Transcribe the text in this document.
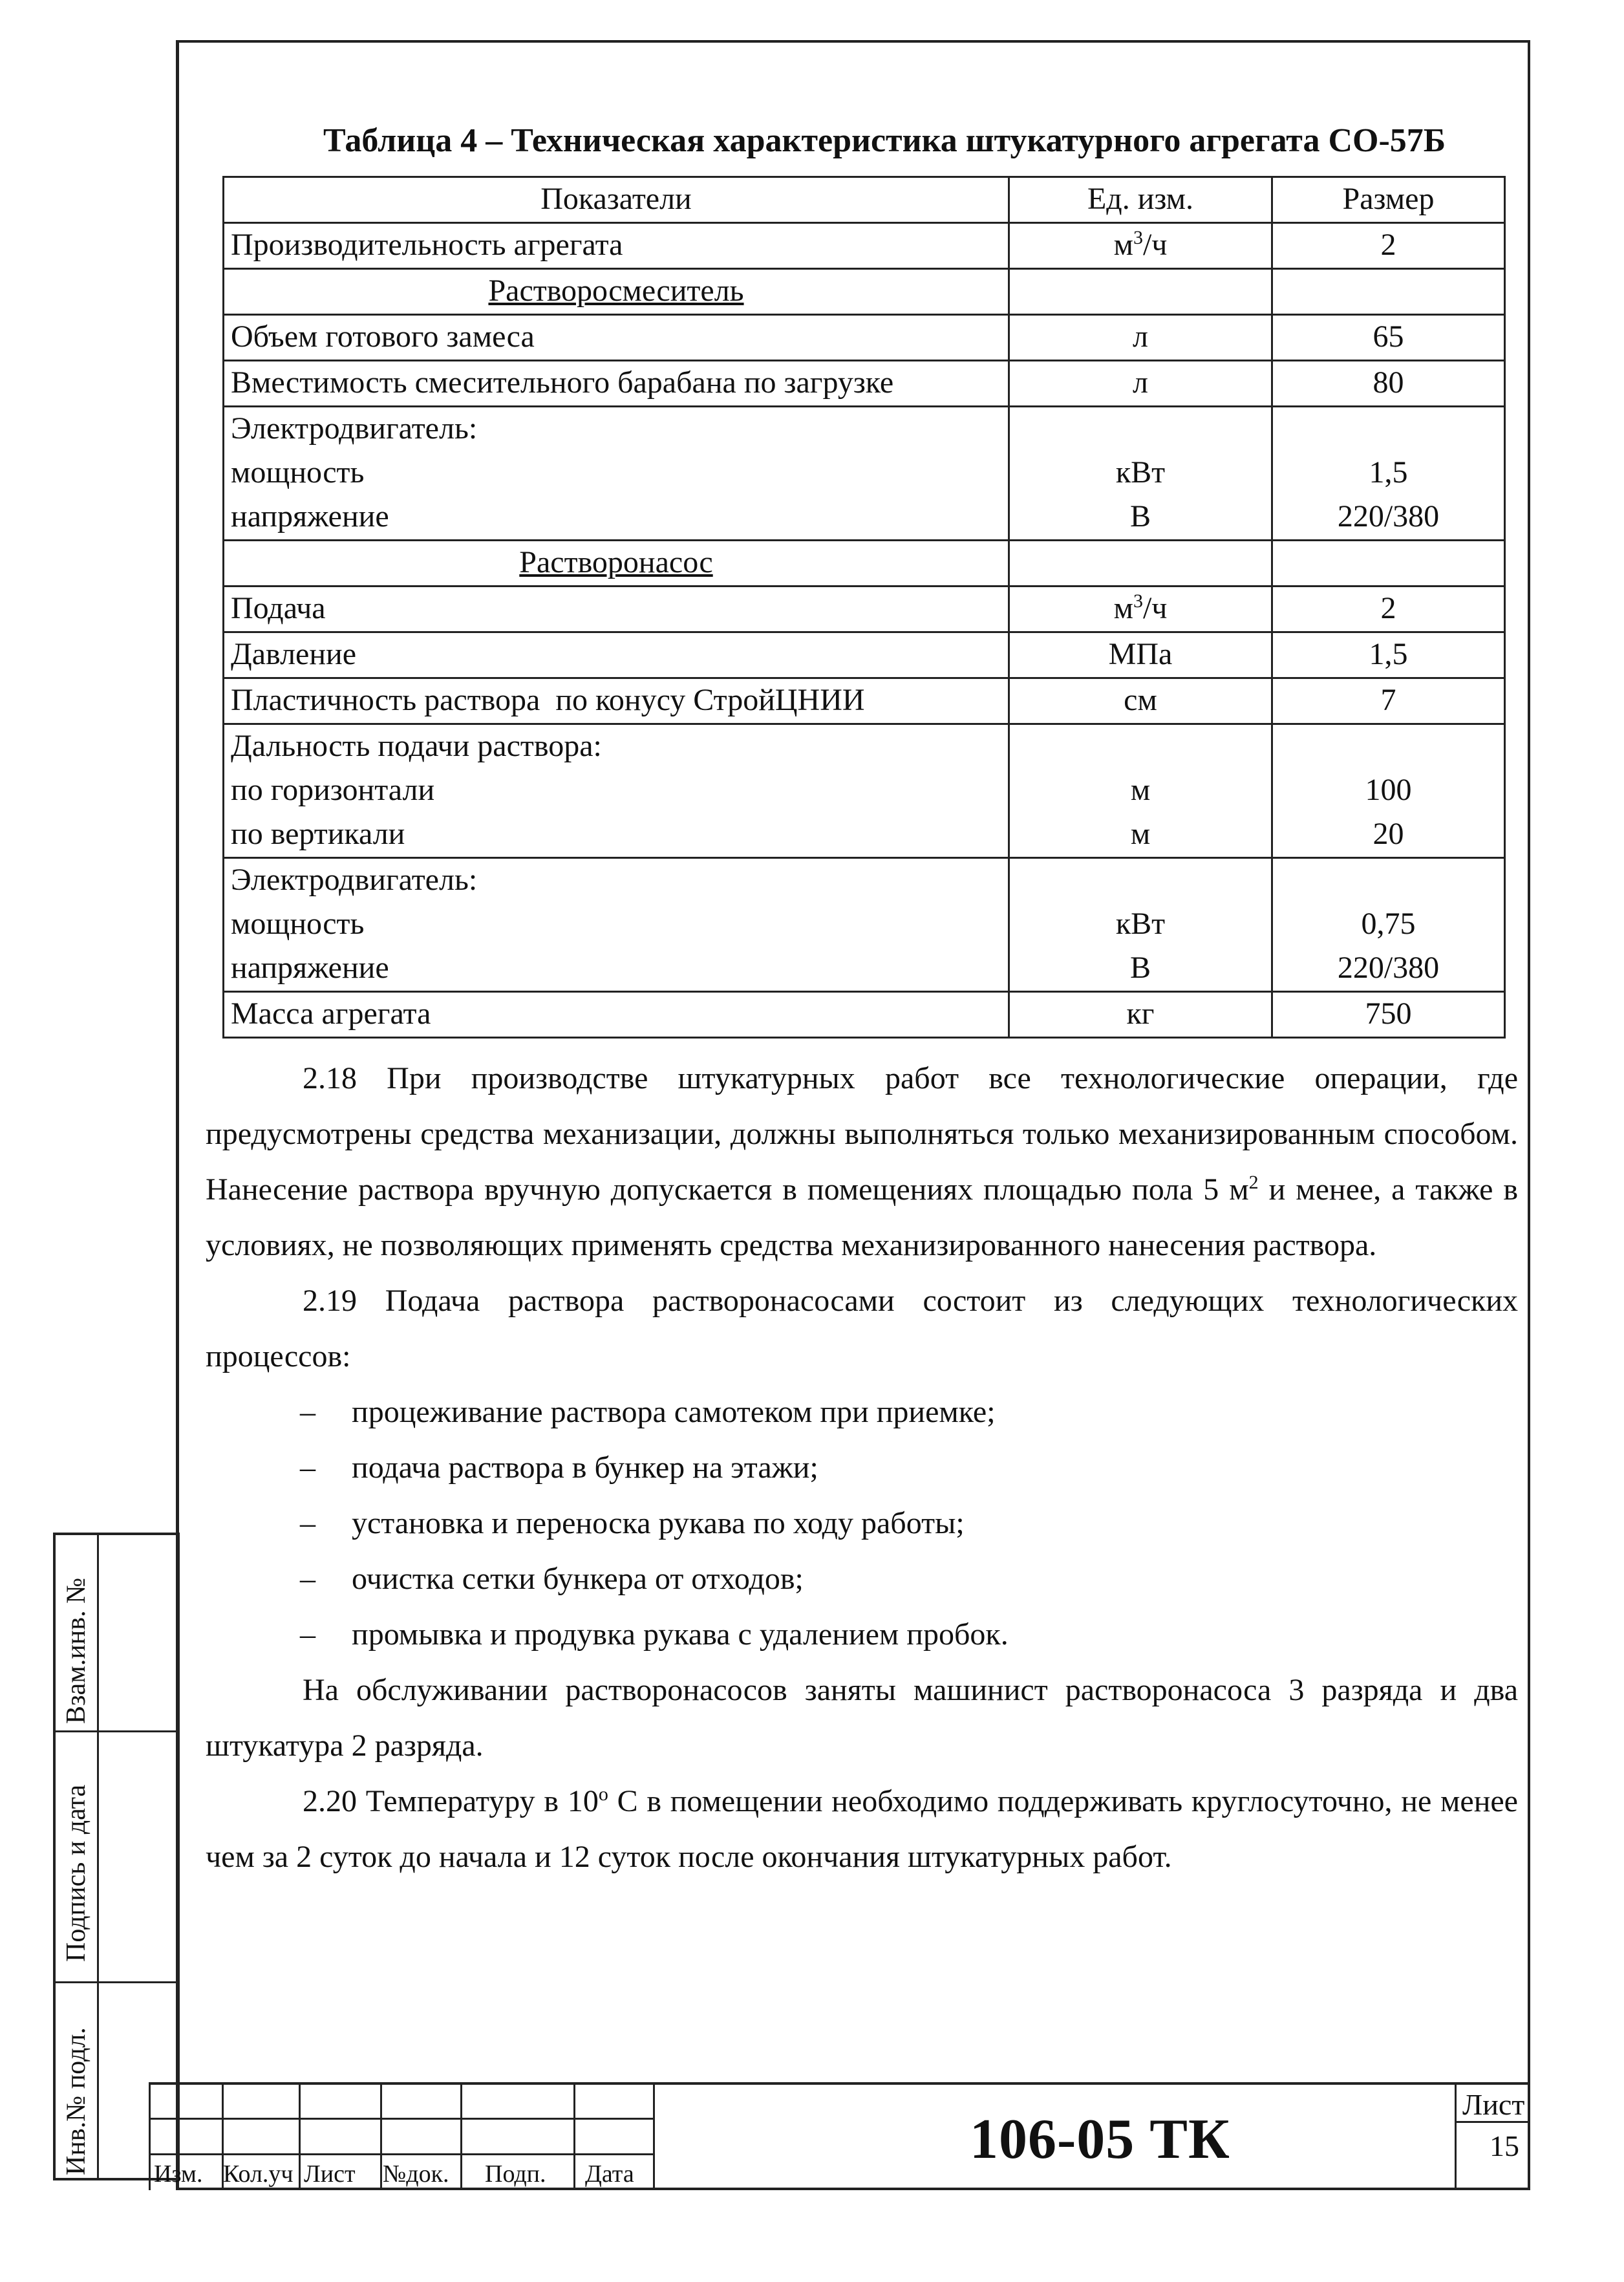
Таблица 4 – Техническая характеристика штукатурного агрегата СО-57Б
Показатели	Ед. изм.	Размер
Производительность агрегата	$м^3/ч$	2
Растворосмеситель		
Объем готового замеса	л	65
Вместимость смесительного барабана по загрузке	л	80
Электродвигатель:		
мощность	кВт	1,5
напряжение	В	220/380
Растворонасос		
Подача	$м^3/ч$	2
Давление	МПа	1,5
Пластичность раствора  по конусу СтройЦНИИ	см	7
Дальность подачи раствора:		
по горизонтали	м	100
по вертикали	м	20
Электродвигатель:		
мощность	кВт	0,75
напряжение	В	220/380
Масса агрегата	кг	750

2.18 При производстве штукатурных работ все технологические операции, где предусмотрены средства механизации, должны выполняться только механизированным способом. Нанесение раствора вручную допускается в помещениях площадью пола 5 $м^2$ и менее, а также в условиях, не позволяющих применять средства механизированного нанесения раствора.

2.19 Подача раствора растворонасосами состоит из следующих технологических процессов:

– процеживание раствора самотеком при приемке;

– подача раствора в бункер на этажи;

– установка и переноска рукава по ходу работы;

– очистка сетки бункера от отходов;

– промывка и продувка рукава с удалением пробок.

На обслуживании растворонасосов заняты машинист растворонасоса 3 разряда и два штукатура 2 разряда.

2.20 Температуру в $10^о$ С в помещении необходимо поддерживать круглосуточно, не менее чем за 2 суток до начала и 12 суток после окончания штукатурных работ.

Взам.инв. №
Подпись и дата
Инв.№ подл.	Изм. Кол.уч Лист №док. Подп. Дата
106-05 ТК
Лист
15
